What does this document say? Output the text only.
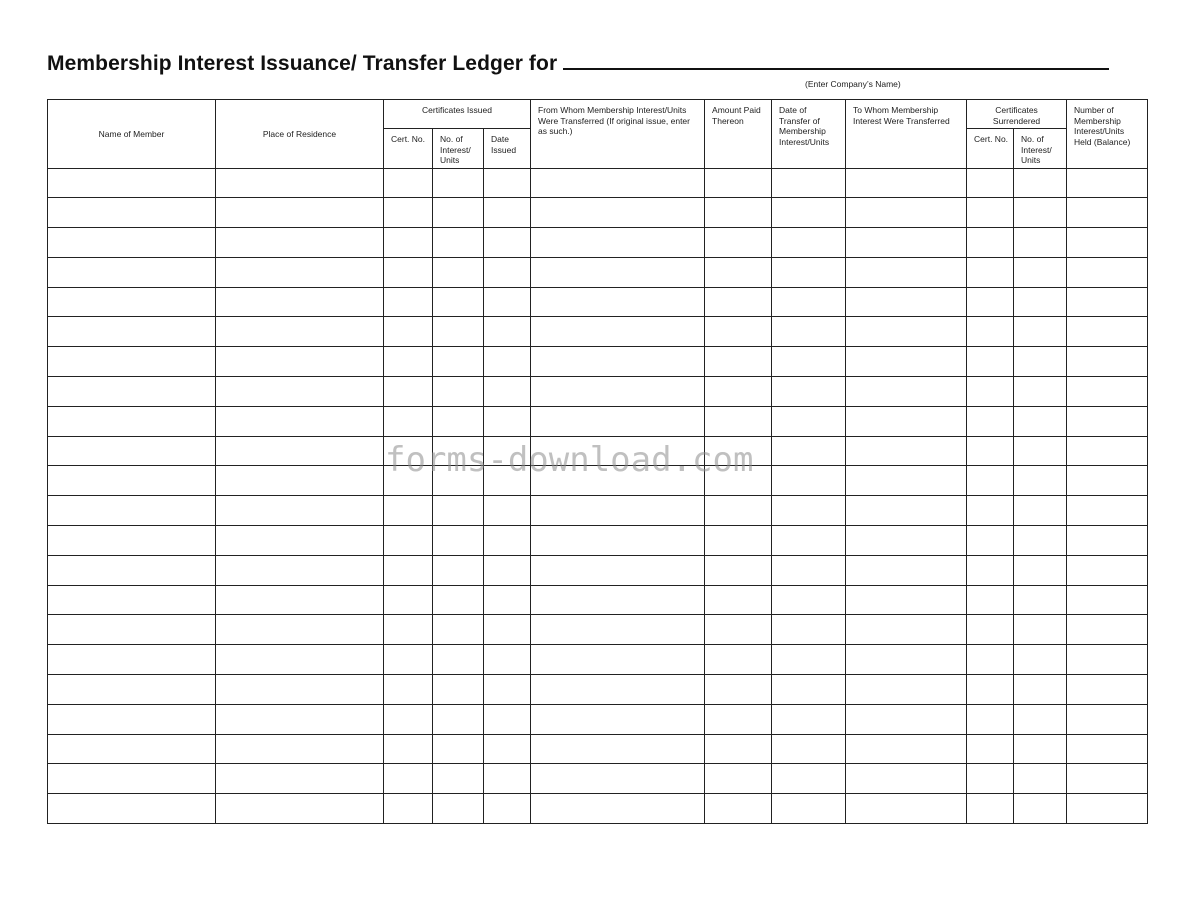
Membership Interest Issuance/ Transfer Ledger for
(Enter Company’s Name)
Name of Member	Place of Residence	Certificates Issued			From Whom Membership Interest/Units Were Transferred (If original issue, enter as such.)	Amount Paid Thereon	Date of Transfer of Membership Interest/Units	To Whom Membership Interest Were Transferred	Certificates Surrendered		Number of Membership Interest/Units Held (Balance)
		Cert. No.	No. of Interest/ Units	Date Issued					Cert. No.	No. of Interest/ Units	

forms-download.com
